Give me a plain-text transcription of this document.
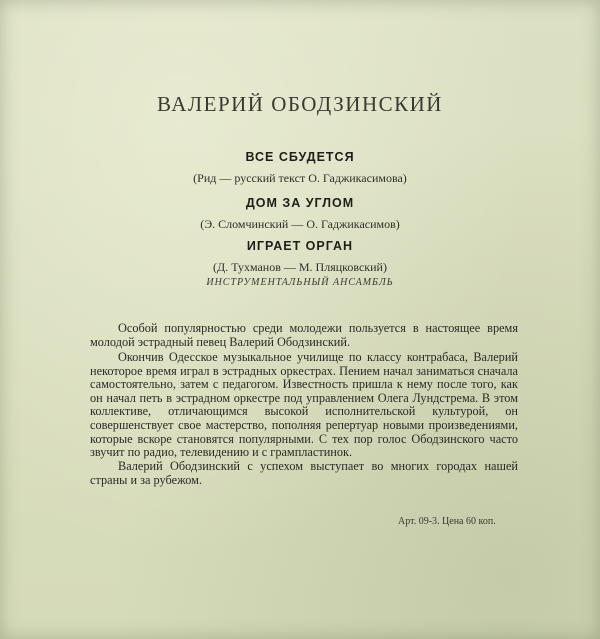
ВАЛЕРИЙ ОБОДЗИНСКИЙ
ВСЕ СБУДЕТСЯ
(Рид — русский текст О. Гаджикасимова)
ДОМ ЗА УГЛОМ
(Э. Сломчинский — О. Гаджикасимов)
ИГРАЕТ ОРГАН
(Д. Тухманов — М. Пляцковский)
ИНСТРУМЕНТАЛЬНЫЙ АНСАМБЛЬ
Особой популярностью среди молодежи пользуется в настоящее время молодой эстрадный певец Валерий Ободзинский.
Окончив Одесское музыкальное училище по классу контрабаса, Валерий некоторое время играл в эстрадных оркестрах. Пением начал заниматься сначала самостоятельно, затем с педагогом. Известность пришла к нему после того, как он начал петь в эстрадном оркестре под управлением Олега Лундстрема. В этом коллективе, отличающимся высокой исполнительской культурой, он совершенствует свое мастерство, пополняя репертуар новыми произведениями, которые вскоре становятся популярными. С тех пор голос Ободзинского часто звучит по радио, телевидению и с грампластинок.
Валерий Ободзинский с успехом выступает во многих городах нашей страны и за рубежом.
Арт. 09-3. Цена 60 коп.
